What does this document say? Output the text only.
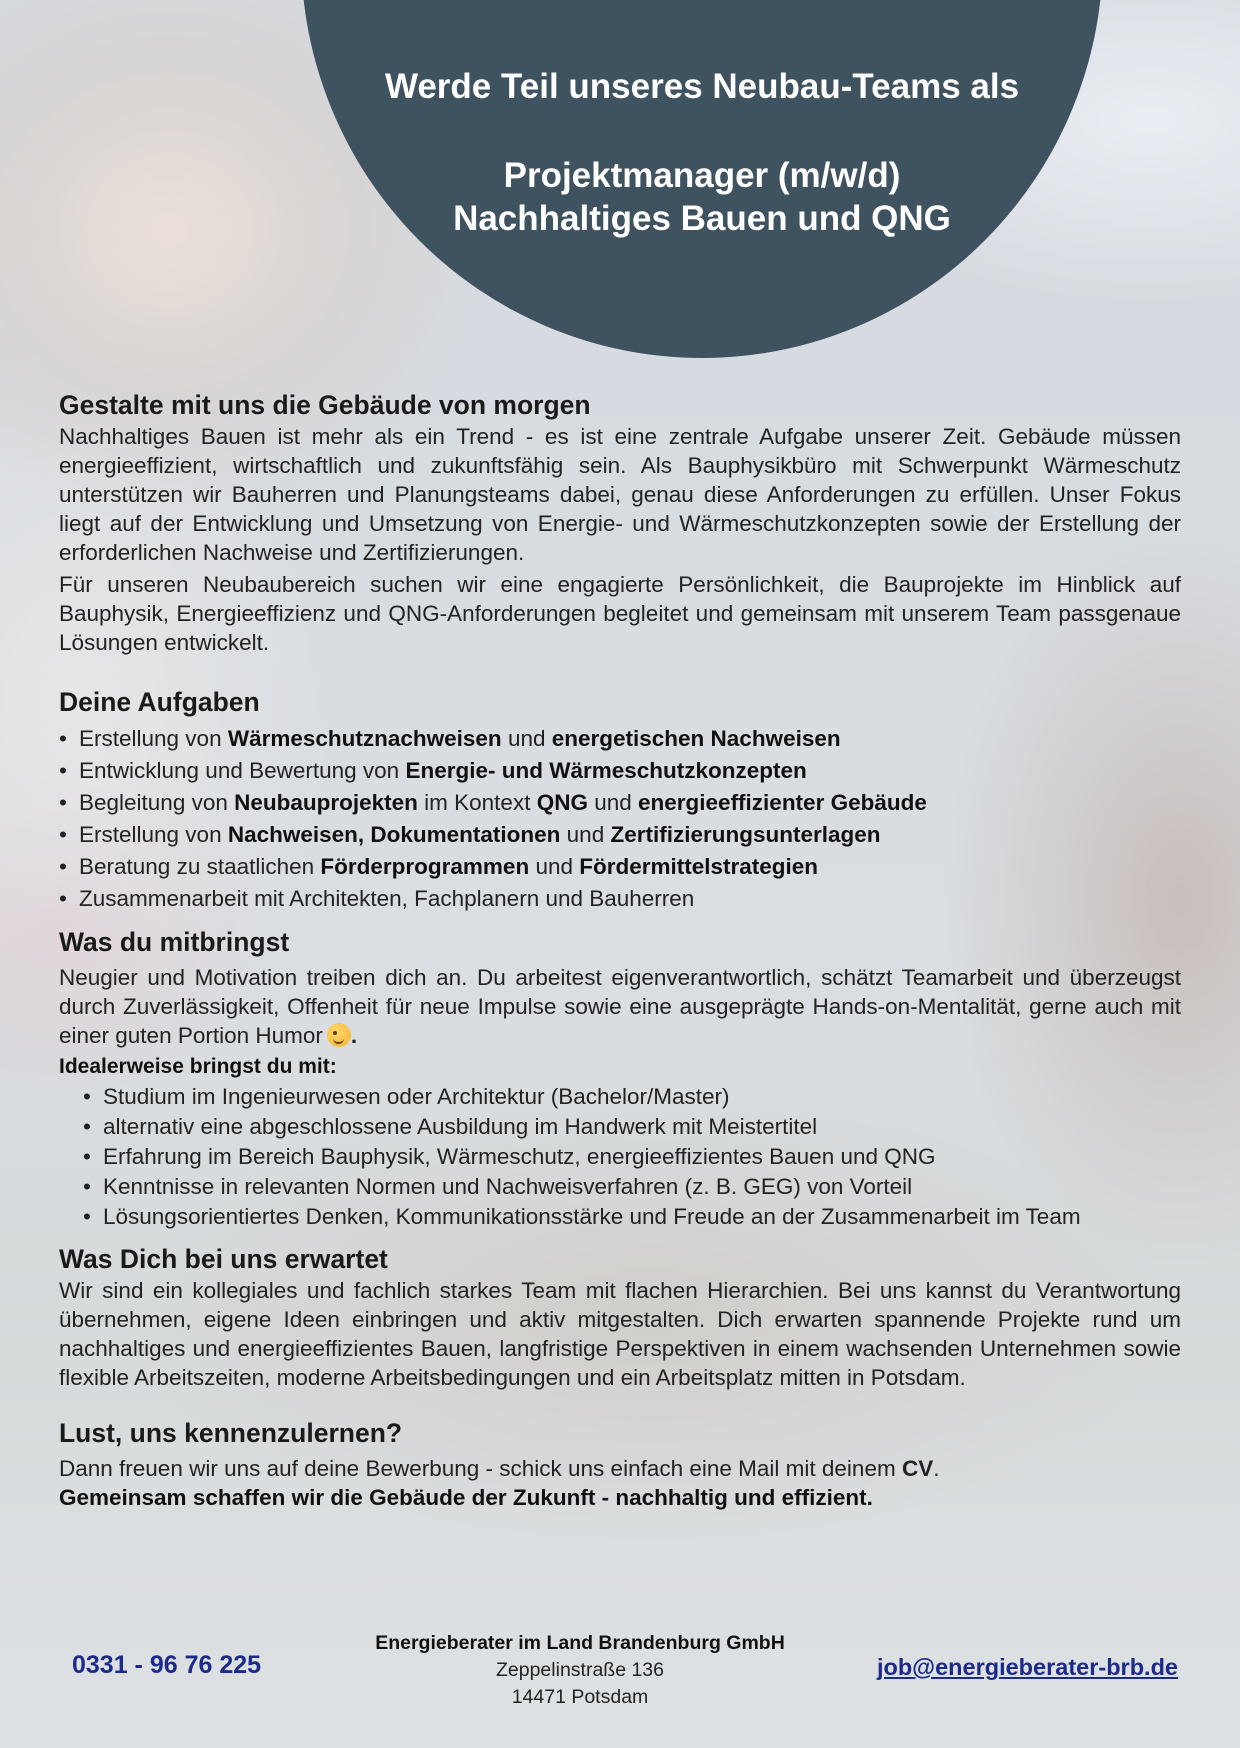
Werde Teil unseres Neubau-Teams als
Projektmanager (m/w/d)
Nachhaltiges Bauen und QNG
Gestalte mit uns die Gebäude von morgen

Nachhaltiges Bauen ist mehr als ein Trend - es ist eine zentrale Aufgabe unserer Zeit. Gebäude müssen energieeffizient, wirtschaftlich und zukunftsfähig sein. Als Bauphysikbüro mit Schwerpunkt Wärmeschutz unterstützen wir Bauherren und Planungsteams dabei, genau diese Anforderungen zu erfüllen. Unser Fokus liegt auf der Entwicklung und Umsetzung von Energie- und Wärmeschutzkonzepten sowie der Erstellung der erforderlichen Nachweise und Zertifizierungen.

Für unseren Neubaubereich suchen wir eine engagierte Persönlichkeit, die Bauprojekte im Hinblick auf Bauphysik, Energieeffizienz und QNG-Anforderungen begleitet und gemeinsam mit unserem Team passgenaue Lösungen entwickelt.

Deine Aufgaben
• Erstellung von Wärmeschutznachweisen und energetischen Nachweisen
• Entwicklung und Bewertung von Energie- und Wärmeschutzkonzepten
• Begleitung von Neubauprojekten im Kontext QNG und energieeffizienter Gebäude
• Erstellung von Nachweisen, Dokumentationen und Zertifizierungsunterlagen
• Beratung zu staatlichen Förderprogrammen und Fördermittelstrategien
• Zusammenarbeit mit Architekten, Fachplanern und Bauherren
Was du mitbringst

Neugier und Motivation treiben dich an. Du arbeitest eigenverantwortlich, schätzt Teamarbeit und überzeugst durch Zuverlässigkeit, Offenheit für neue Impulse sowie eine ausgeprägte Hands-on-Mentalität, gerne auch mit einer guten Portion Humor .

Idealerweise bringst du mit:
• Studium im Ingenieurwesen oder Architektur (Bachelor/Master)
• alternativ eine abgeschlossene Ausbildung im Handwerk mit Meistertitel
• Erfahrung im Bereich Bauphysik, Wärmeschutz, energieeffizientes Bauen und QNG
• Kenntnisse in relevanten Normen und Nachweisverfahren (z. B. GEG) von Vorteil
• Lösungsorientiertes Denken, Kommunikationsstärke und Freude an der Zusammenarbeit im Team
Was Dich bei uns erwartet

Wir sind ein kollegiales und fachlich starkes Team mit flachen Hierarchien. Bei uns kannst du Verantwortung übernehmen, eigene Ideen einbringen und aktiv mitgestalten. Dich erwarten spannende Projekte rund um nachhaltiges und energieeffizientes Bauen, langfristige Perspektiven in einem wachsenden Unternehmen sowie flexible Arbeitszeiten, moderne Arbeitsbedingungen und ein Arbeitsplatz mitten in Potsdam.

Lust, uns kennenzulernen?

Dann freuen wir uns auf deine Bewerbung - schick uns einfach eine Mail mit deinem CV.

Gemeinsam schaffen wir die Gebäude der Zukunft - nachhaltig und effizient.

0331 - 96 76 225
Energieberater im Land Brandenburg GmbH
Zeppelinstraße 136
14471 Potsdam
job@energieberater-brb.de
